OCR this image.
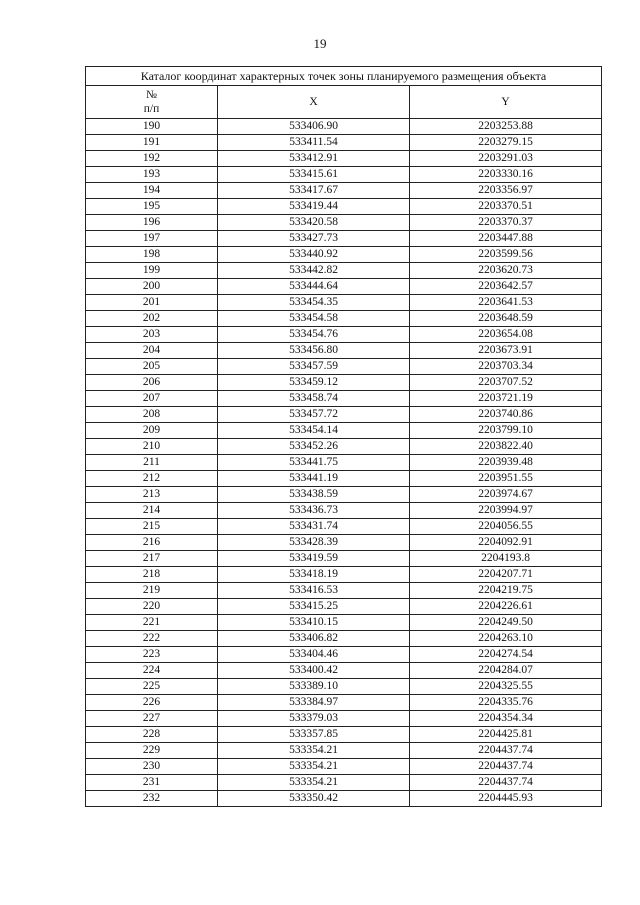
19
Каталог координат характерных точек зоны планируемого размещения объекта		
№
п/п	X	Y
190	533406.90	2203253.88
191	533411.54	2203279.15
192	533412.91	2203291.03
193	533415.61	2203330.16
194	533417.67	2203356.97
195	533419.44	2203370.51
196	533420.58	2203370.37
197	533427.73	2203447.88
198	533440.92	2203599.56
199	533442.82	2203620.73
200	533444.64	2203642.57
201	533454.35	2203641.53
202	533454.58	2203648.59
203	533454.76	2203654.08
204	533456.80	2203673.91
205	533457.59	2203703.34
206	533459.12	2203707.52
207	533458.74	2203721.19
208	533457.72	2203740.86
209	533454.14	2203799.10
210	533452.26	2203822.40
211	533441.75	2203939.48
212	533441.19	2203951.55
213	533438.59	2203974.67
214	533436.73	2203994.97
215	533431.74	2204056.55
216	533428.39	2204092.91
217	533419.59	2204193.8
218	533418.19	2204207.71
219	533416.53	2204219.75
220	533415.25	2204226.61
221	533410.15	2204249.50
222	533406.82	2204263.10
223	533404.46	2204274.54
224	533400.42	2204284.07
225	533389.10	2204325.55
226	533384.97	2204335.76
227	533379.03	2204354.34
228	533357.85	2204425.81
229	533354.21	2204437.74
230	533354.21	2204437.74
231	533354.21	2204437.74
232	533350.42	2204445.93
